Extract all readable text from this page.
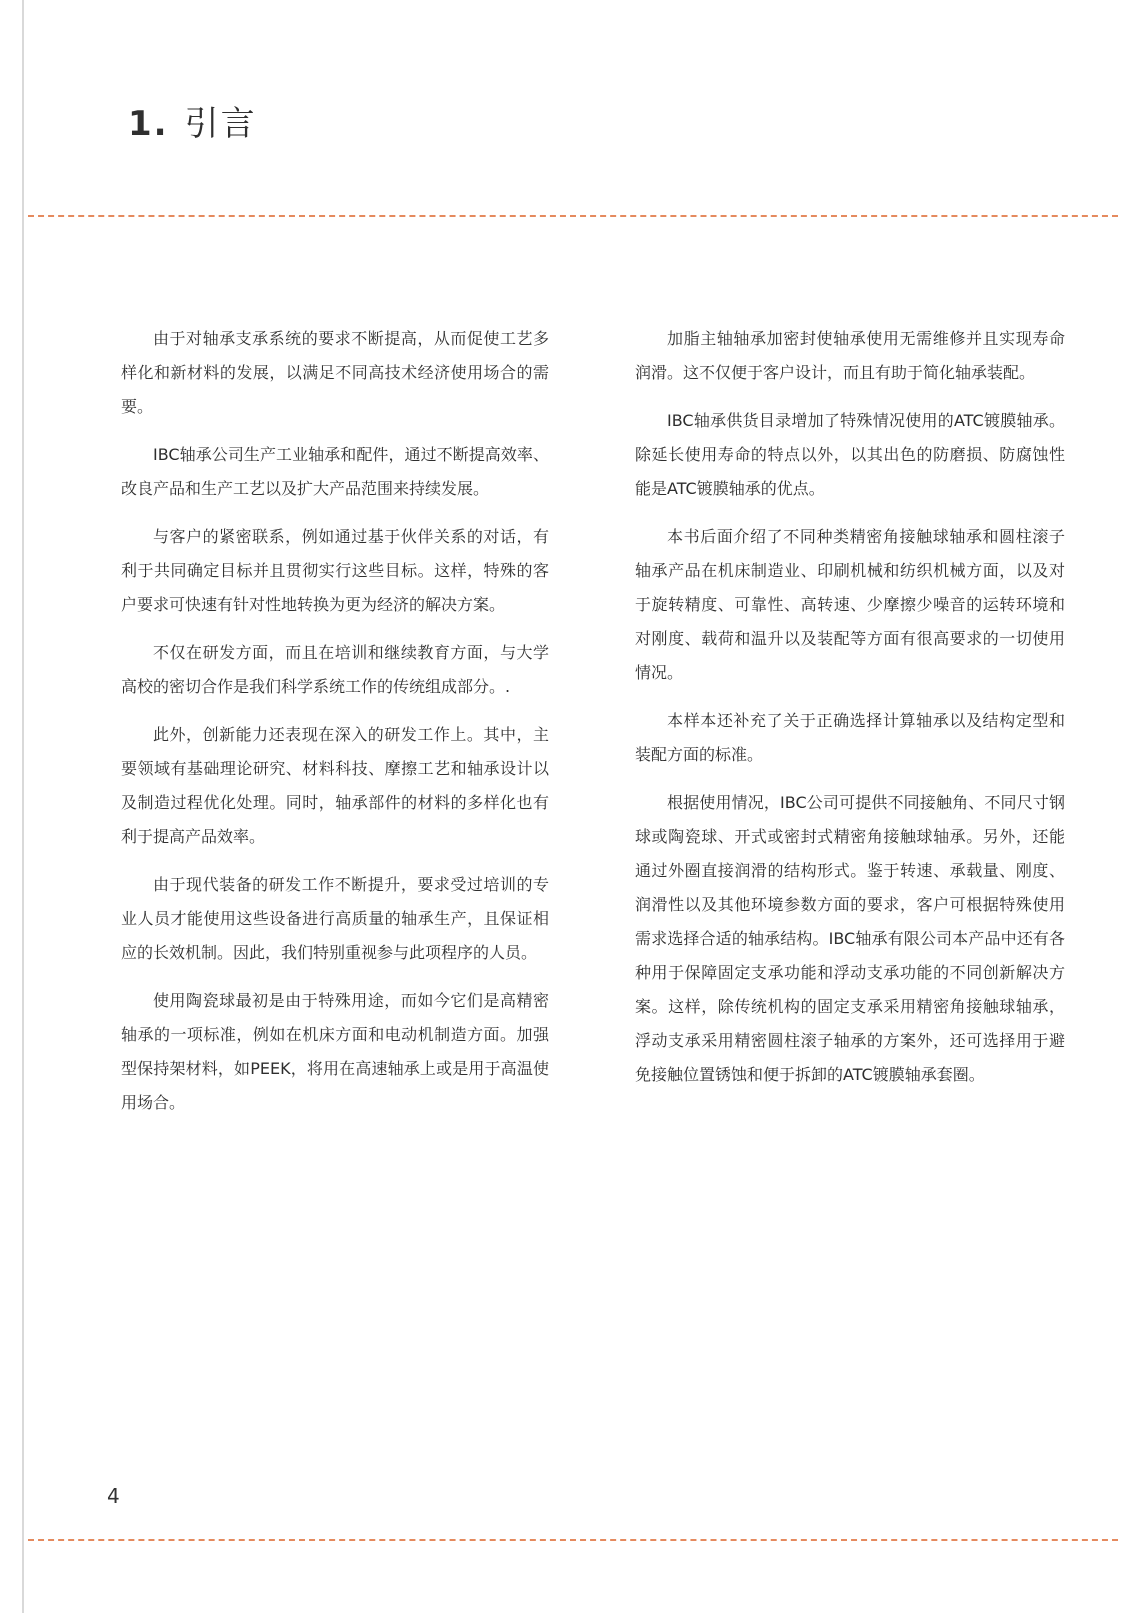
1. 引言

由于对轴承支承系统的要求不断提高，从而促使工艺多样化和新材料的发展，以满足不同高技术经济使用场合的需要。

IBC轴承公司生产工业轴承和配件，通过不断提高效率、改良产品和生产工艺以及扩大产品范围来持续发展。

与客户的紧密联系，例如通过基于伙伴关系的对话，有利于共同确定目标并且贯彻实行这些目标。这样，特殊的客户要求可快速有针对性地转换为更为经济的解决方案。

不仅在研发方面，而且在培训和继续教育方面，与大学高校的密切合作是我们科学系统工作的传统组成部分。.

此外，创新能力还表现在深入的研发工作上。其中，主要领域有基础理论研究、材料科技、摩擦工艺和轴承设计以及制造过程优化处理。同时，轴承部件的材料的多样化也有利于提高产品效率。

由于现代装备的研发工作不断提升，要求受过培训的专业人员才能使用这些设备进行高质量的轴承生产，且保证相应的长效机制。因此，我们特别重视参与此项程序的人员。

使用陶瓷球最初是由于特殊用途，而如今它们是高精密轴承的一项标准，例如在机床方面和电动机制造方面。加强型保持架材料，如PEEK，将用在高速轴承上或是用于高温使用场合。

加脂主轴轴承加密封使轴承使用无需维修并且实现寿命润滑。这不仅便于客户设计，而且有助于简化轴承装配。

IBC轴承供货目录增加了特殊情况使用的ATC镀膜轴承。除延长使用寿命的特点以外，以其出色的防磨损、防腐蚀性能是ATC镀膜轴承的优点。

本书后面介绍了不同种类精密角接触球轴承和圆柱滚子轴承产品在机床制造业、印刷机械和纺织机械方面，以及对于旋转精度、可靠性、高转速、少摩擦少噪音的运转环境和对刚度、载荷和温升以及装配等方面有很高要求的一切使用情况。

本样本还补充了关于正确选择计算轴承以及结构定型和装配方面的标准。

根据使用情况，IBC公司可提供不同接触角、不同尺寸钢球或陶瓷球、开式或密封式精密角接触球轴承。另外，还能通过外圈直接润滑的结构形式。鉴于转速、承载量、刚度、润滑性以及其他环境参数方面的要求，客户可根据特殊使用需求选择合适的轴承结构。IBC轴承有限公司本产品中还有各种用于保障固定支承功能和浮动支承功能的不同创新解决方案。这样，除传统机构的固定支承采用精密角接触球轴承，浮动支承采用精密圆柱滚子轴承的方案外，还可选择用于避免接触位置锈蚀和便于拆卸的ATC镀膜轴承套圈。

4
